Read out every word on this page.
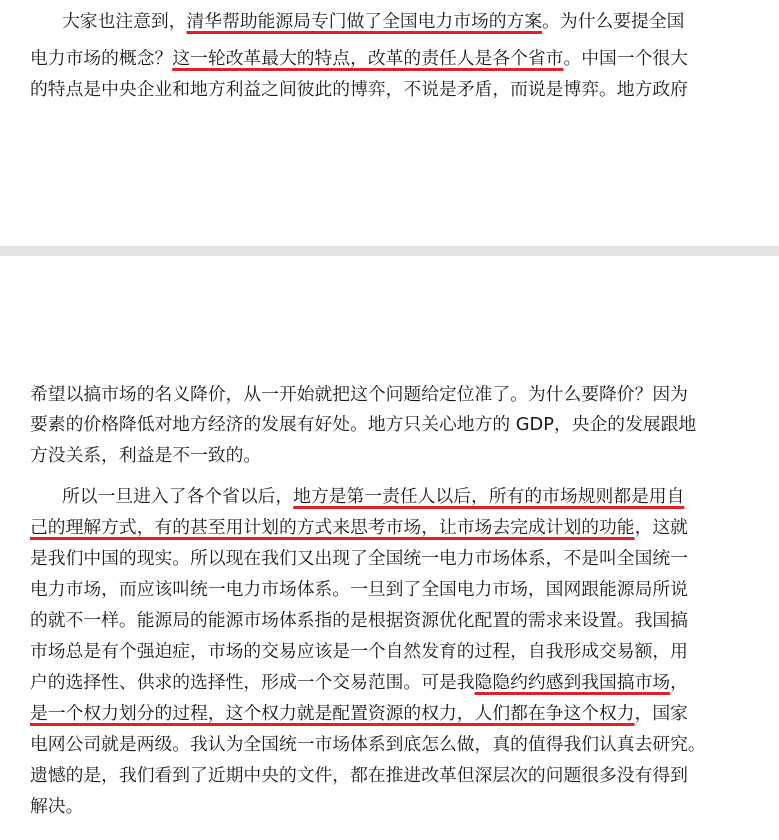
大家也注意到，清华帮助能源局专门做了全国电力市场的方案。为什么要提全国
电力市场的概念？这一轮改革最大的特点，改革的责任人是各个省市。中国一个很大
的特点是中央企业和地方利益之间彼此的博弈，不说是矛盾，而说是博弈。地方政府
希望以搞市场的名义降价，从一开始就把这个问题给定位准了。为什么要降价？因为
要素的价格降低对地方经济的发展有好处。地方只关心地方的 GDP，央企的发展跟地
方没关系，利益是不一致的。
所以一旦进入了各个省以后，地方是第一责任人以后，所有的市场规则都是用自
己的理解方式，有的甚至用计划的方式来思考市场，让市场去完成计划的功能，这就
是我们中国的现实。所以现在我们又出现了全国统一电力市场体系，不是叫全国统一
电力市场，而应该叫统一电力市场体系。一旦到了全国电力市场，国网跟能源局所说
的就不一样。能源局的能源市场体系指的是根据资源优化配置的需求来设置。我国搞
市场总是有个强迫症，市场的交易应该是一个自然发育的过程，自我形成交易额，用
户的选择性、供求的选择性，形成一个交易范围。可是我隐隐约约感到我国搞市场，
是一个权力划分的过程，这个权力就是配置资源的权力，人们都在争这个权力，国家
电网公司就是两级。我认为全国统一市场体系到底怎么做，真的值得我们认真去研究。
遗憾的是，我们看到了近期中央的文件，都在推进改革但深层次的问题很多没有得到
解决。
